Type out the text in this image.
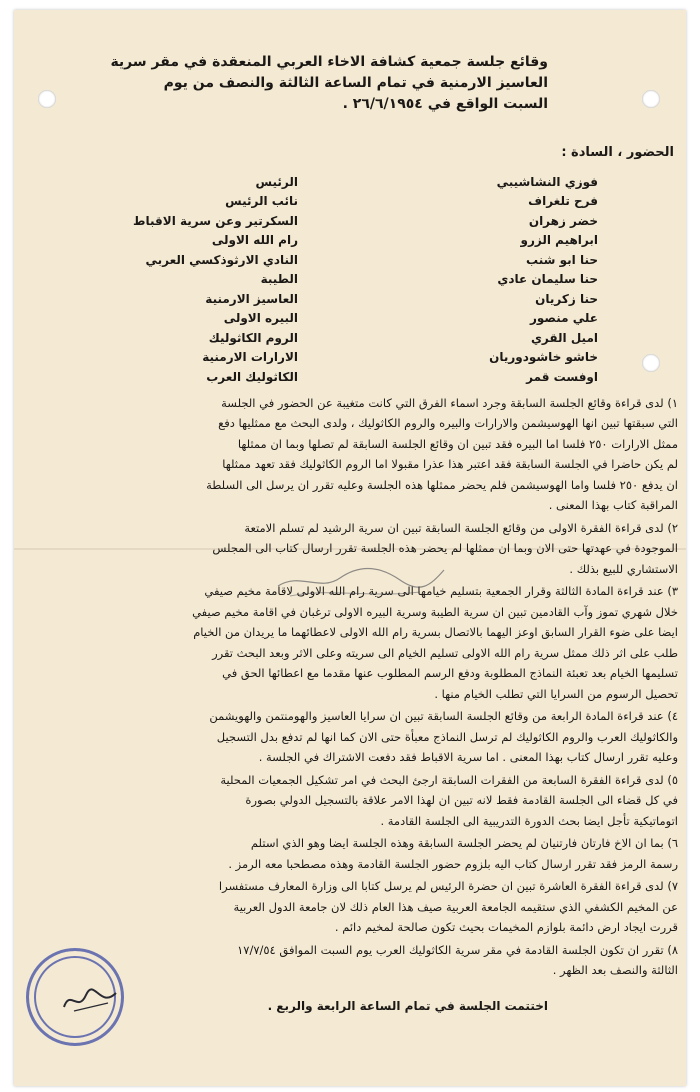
وقائع جلسة جمعية كشافة الاخاء العربي المنعقدة في مقر سرية
العاسيز الارمنية في تمام الساعة الثالثة والنصف من يوم
السبت الواقع في ٢٦/٦/١٩٥٤ .
الحضور ، السادة :
فوزي النشاشيبي
الرئيس
فرح تلغراف
نائب الرئيس
خضر زهران
السكرتير وعن سرية الاقباط
ابراهيم الزرو
رام الله الاولى
حنا ابو شنب
النادي الارثوذكسي العربي
حنا سليمان عادي
الطيبة
حنا زكريان
العاسيز الارمنية
علي منصور
البيره الاولى
اميل القري
الروم الكاثوليك
خاشو خاشودوريان
الارارات الارمنية
اوفست قمر
الكاثوليك العرب
١) لدى قراءة وقائع الجلسة السابقة وجرد اسماء الفرق التي كانت متغيبة عن الحضور في الجلسة
التي سبقتها تبين انها الهوسيشمن والارارات والبيره والروم الكاثوليك ، ولدى البحث مع ممثليها دفع
ممثل الارارات ٢٥٠ فلسا اما البيره فقد تبين ان وقائع الجلسة السابقة لم تصلها وبما ان ممثلها
لم يكن حاضرا في الجلسة السابقة فقد اعتبر هذا عذرا مقبولا اما الروم الكاثوليك فقد تعهد ممثلها
ان يدفع ٢٥٠ فلسا واما الهوسيشمن فلم يحضر ممثلها هذه الجلسة وعليه تقرر ان يرسل الى السلطة
المراقبة كتاب بهذا المعنى .
٢) لدى قراءة الفقرة الاولى من وقائع الجلسة السابقة تبين ان سرية الرشيد لم تسلم الامتعة
الموجودة في عهدتها حتى الان وبما ان ممثلها لم يحضر هذه الجلسة تقرر ارسال كتاب الى المجلس
الاستشاري للبيع بذلك .
٣) عند قراءة المادة الثالثة وقرار الجمعية بتسليم خيامها الى سرية رام الله الاولى لاقامة مخيم صيفي
خلال شهري تموز وآب القادمين تبين ان سرية الطيبة وسرية البيره الاولى ترغبان في اقامة مخيم صيفي
ايضا على ضوء القرار السابق اوعز اليهما بالاتصال بسرية رام الله الاولى لاعطائهما ما يريدان من الخيام
طلب على اثر ذلك ممثل سرية رام الله الاولى تسليم الخيام الى سريته وعلى الاثر وبعد البحث تقرر
تسليمها الخيام بعد تعبئة النماذج المطلوبة ودفع الرسم المطلوب عنها مقدما مع اعطائها الحق في
تحصيل الرسوم من السرايا التي تطلب الخيام منها .
٤) عند قراءة المادة الرابعة من وقائع الجلسة السابقة تبين ان سرايا العاسيز والهومنتمن والهويشمن
والكاثوليك العرب والروم الكاثوليك لم ترسل النماذج معبأة حتى الان كما انها لم تدفع بدل التسجيل
وعليه تقرر ارسال كتاب بهذا المعنى . اما سرية الاقباط فقد دفعت الاشتراك في الجلسة .
٥) لدى قراءة الفقرة السابعة من الفقرات السابقة ارجئ البحث في امر تشكيل الجمعيات المحلية
في كل قضاء الى الجلسة القادمة فقط لانه تبين ان لهذا الامر علاقة بالتسجيل الدولي بصورة
اتوماتيكية تأجل ايضا بحث الدورة التدريبية الى الجلسة القادمة .
٦) بما ان الاخ فارتان فارتنيان لم يحضر الجلسة السابقة وهذه الجلسة ايضا وهو الذي استلم
رسمة الرمز فقد تقرر ارسال كتاب اليه بلزوم حضور الجلسة القادمة وهذه مصطحبا معه الرمز .
٧) لدى قراءة الفقرة العاشرة تبين ان حضرة الرئيس لم يرسل كتابا الى وزارة المعارف مستفسرا
عن المخيم الكشفي الذي ستقيمه الجامعة العربية صيف هذا العام ذلك لان جامعة الدول العربية
قررت ايجاد ارض دائمة بلوازم المخيمات بحيث تكون صالحة لمخيم دائم .
٨) تقرر ان تكون الجلسة القادمة في مقر سرية الكاثوليك العرب يوم السبت الموافق ١٧/٧/٥٤
الثالثة والنصف بعد الظهر .
اختتمت الجلسة في تمام الساعة الرابعة والربع .
